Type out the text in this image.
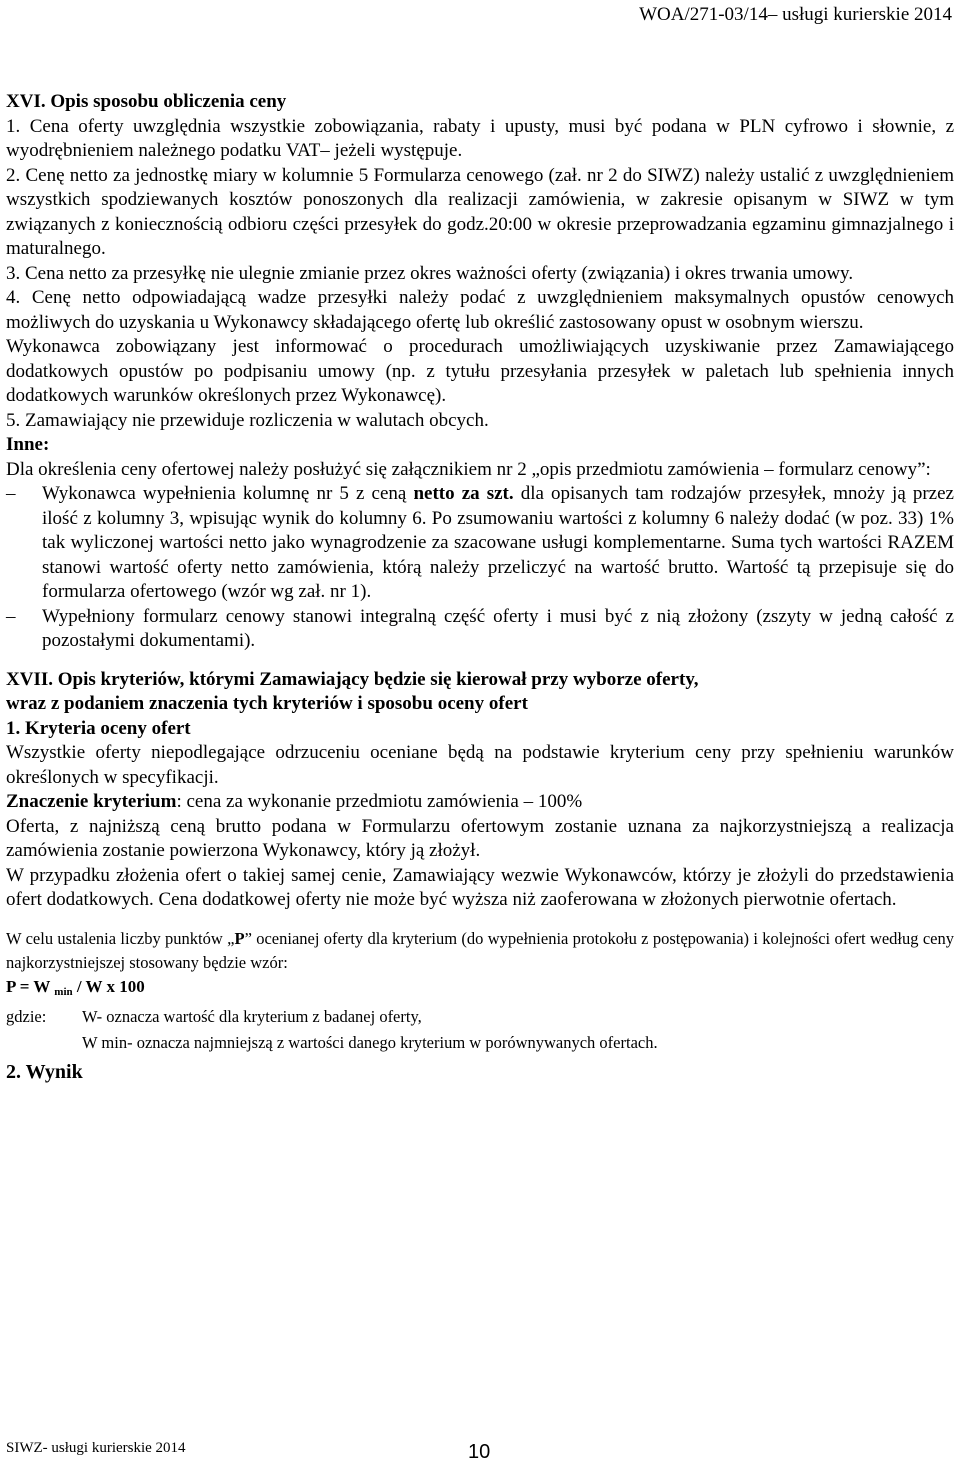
WOA/271-03/14– usługi kurierskie 2014

XVI. Opis sposobu obliczenia ceny

1. Cena oferty uwzględnia wszystkie zobowiązania, rabaty i upusty, musi być podana w PLN cyfrowo i słownie, z wyodrębnieniem należnego podatku VAT– jeżeli występuje.

2. Cenę netto za jednostkę miary w kolumnie 5 Formularza cenowego (zał. nr 2 do SIWZ) należy ustalić z uwzględnieniem wszystkich spodziewanych kosztów ponoszonych dla realizacji zamówienia, w zakresie opisanym w SIWZ w tym związanych z koniecznością odbioru części przesyłek do godz.20:00 w okresie przeprowadzania egzaminu gimnazjalnego i maturalnego.

3. Cena netto za przesyłkę nie ulegnie zmianie przez okres ważności oferty (związania) i okres trwania umowy.

4. Cenę netto odpowiadającą wadze przesyłki należy podać z uwzględnieniem maksymalnych opustów cenowych możliwych do uzyskania u Wykonawcy składającego ofertę lub określić zastosowany opust w osobnym wierszu.

Wykonawca zobowiązany jest informować o procedurach umożliwiających uzyskiwanie przez Zamawiającego dodatkowych opustów po podpisaniu umowy (np. z tytułu przesyłania przesyłek w paletach lub spełnienia innych dodatkowych warunków określonych przez Wykonawcę).

5. Zamawiający nie przewiduje rozliczenia w walutach obcych.

Inne:

Dla określenia ceny ofertowej należy posłużyć się załącznikiem nr 2 „opis przedmiotu zamówienia – formularz cenowy”:

–	Wykonawca wypełnienia kolumnę nr 5 z ceną netto za szt. dla opisanych tam rodzajów przesyłek, mnoży ją przez ilość z kolumny 3, wpisując wynik do kolumny 6. Po zsumowaniu wartości z kolumny 6 należy dodać (w poz. 33) 1% tak wyliczonej wartości netto jako wynagrodzenie za szacowane usługi komplementarne. Suma tych wartości RAZEM stanowi wartość oferty netto zamówienia, którą należy przeliczyć na wartość brutto. Wartość tą przepisuje się do formularza ofertowego (wzór wg zał. nr 1).
–	Wypełniony formularz cenowy stanowi integralną część oferty i musi być z nią złożony (zszyty w jedną całość z pozostałymi dokumentami).

XVII. Opis kryteriów, którymi Zamawiający będzie się kierował przy wyborze oferty,

wraz z podaniem znaczenia tych kryteriów i sposobu oceny ofert

1. Kryteria oceny ofert

Wszystkie oferty niepodlegające odrzuceniu oceniane będą na podstawie kryterium ceny przy spełnieniu warunków określonych w specyfikacji.

Znaczenie kryterium: cena za wykonanie przedmiotu zamówienia – 100%

Oferta, z najniższą ceną brutto podana w Formularzu ofertowym zostanie uznana za najkorzystniejszą a realizacja zamówienia zostanie powierzona Wykonawcy, który ją złożył.

W przypadku złożenia ofert o takiej samej cenie, Zamawiający wezwie Wykonawców, którzy je złożyli do przedstawienia ofert dodatkowych. Cena dodatkowej oferty nie może być wyższa niż zaoferowana w złożonych pierwotnie ofertach.

W celu ustalenia liczby punktów „P” ocenianej oferty dla kryterium (do wypełnienia protokołu z postępowania) i kolejności ofert według ceny najkorzystniejszej stosowany będzie wzór:

P = W $_{min}$ / W x 100

gdzie:	W- oznacza wartość dla kryterium z badanej oferty,
W min- oznacza najmniejszą z wartości danego kryterium w porównywanych ofertach.

2. Wynik

SIWZ- usługi kurierskie 2014	10
